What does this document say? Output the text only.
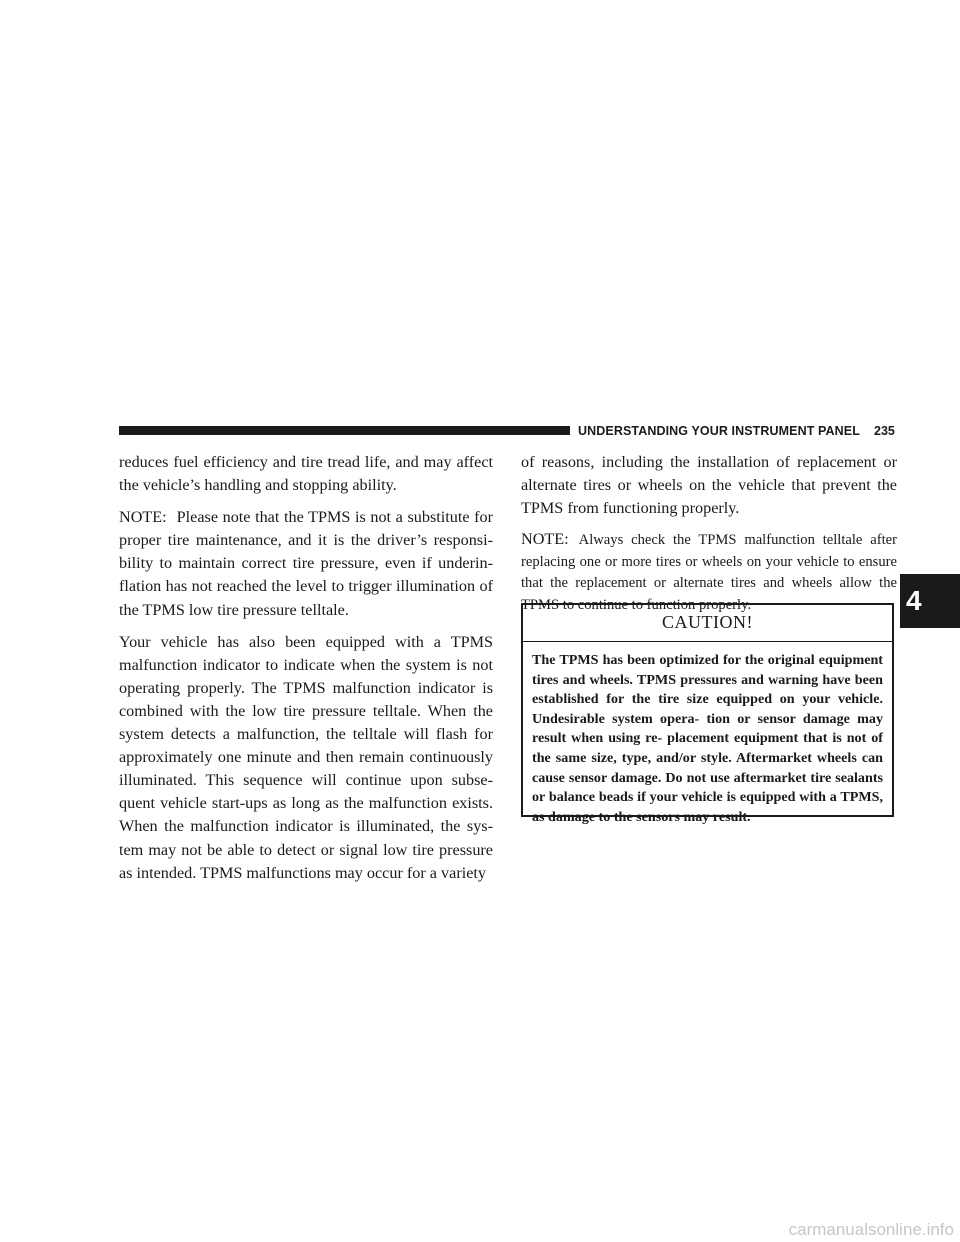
UNDERSTANDING YOUR INSTRUMENT PANEL	235

reduces fuel efficiency and tire tread life, and may affect the vehicle’s handling and stopping ability.

NOTE: Please note that the TPMS is not a substitute for proper tire maintenance, and it is the driver’s responsi- bility to maintain correct tire pressure, even if underin- flation has not reached the level to trigger illumination of the TPMS low tire pressure telltale.

Your vehicle has also been equipped with a TPMS malfunction indicator to indicate when the system is not operating properly. The TPMS malfunction indicator is combined with the low tire pressure telltale. When the system detects a malfunction, the telltale will flash for approximately one minute and then remain continuously illuminated. This sequence will continue upon subse- quent vehicle start-ups as long as the malfunction exists. When the malfunction indicator is illuminated, the sys- tem may not be able to detect or signal low tire pressure as intended. TPMS malfunctions may occur for a variety

of reasons, including the installation of replacement or alternate tires or wheels on the vehicle that prevent the TPMS from functioning properly.

NOTE: Always check the TPMS malfunction telltale after replacing one or more tires or wheels on your vehicle to ensure that the replacement or alternate tires and wheels allow the TPMS to continue to function properly.

CAUTION!
The TPMS has been optimized for the original equipment tires and wheels. TPMS pressures and warning have been established for the tire size equipped on your vehicle. Undesirable system opera- tion or sensor damage may result when using re- placement equipment that is not of the same size, type, and/or style. Aftermarket wheels can cause sensor damage. Do not use aftermarket tire sealants or balance beads if your vehicle is equipped with a TPMS, as damage to the sensors may result.
4
carmanualsonline.info
